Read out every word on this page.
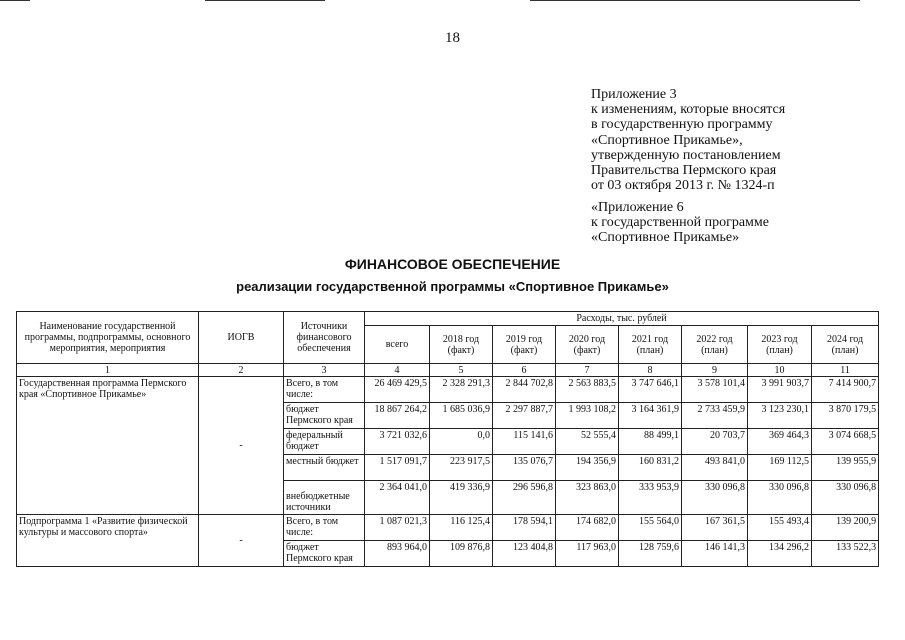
18
Приложение 3
к изменениям, которые вносятся
в государственную программу
«Спортивное Прикамье»,
утвержденную постановлением
Правительства Пермского края
от 03 октября 2013 г. № 1324-п
«Приложение 6
к государственной программе
«Спортивное Прикамье»
ФИНАНСОВОЕ ОБЕСПЕЧЕНИЕ
реализации государственной программы «Спортивное Прикамье»
Наименование государственной программы, подпрограммы, основного мероприятия, мероприятия	ИОГВ	Источники финансового обеспечения	Расходы, тыс. рублей							
			всего	2018 год (факт)	2019 год (факт)	2020 год (факт)	2021 год (план)	2022 год (план)	2023 год (план)	2024 год (план)
1	2	3	4	5	6	7	8	9	10	11
Государственная программа Пермского края «Спортивное Прикамье»	-	Всего, в том числе:	26 469 429,5	2 328 291,3	2 844 702,8	2 563 883,5	3 747 646,1	3 578 101,4	3 991 903,7	7 414 900,7
		бюджет Пермского края	18 867 264,2	1 685 036,9	2 297 887,7	1 993 108,2	3 164 361,9	2 733 459,9	3 123 230,1	3 870 179,5
		федеральный бюджет	3 721 032,6	0,0	115 141,6	52 555,4	88 499,1	20 703,7	369 464,3	3 074 668,5
		местный бюджет	1 517 091,7	223 917,5	135 076,7	194 356,9	160 831,2	493 841,0	169 112,5	139 955,9
		внебюджетные источники	2 364 041,0	419 336,9	296 596,8	323 863,0	333 953,9	330 096,8	330 096,8	330 096,8
Подпрограмма 1 «Развитие физической культуры и массового спорта»	-	Всего, в том числе:	1 087 021,3	116 125,4	178 594,1	174 682,0	155 564,0	167 361,5	155 493,4	139 200,9
		бюджет Пермского края	893 964,0	109 876,8	123 404,8	117 963,0	128 759,6	146 141,3	134 296,2	133 522,3
